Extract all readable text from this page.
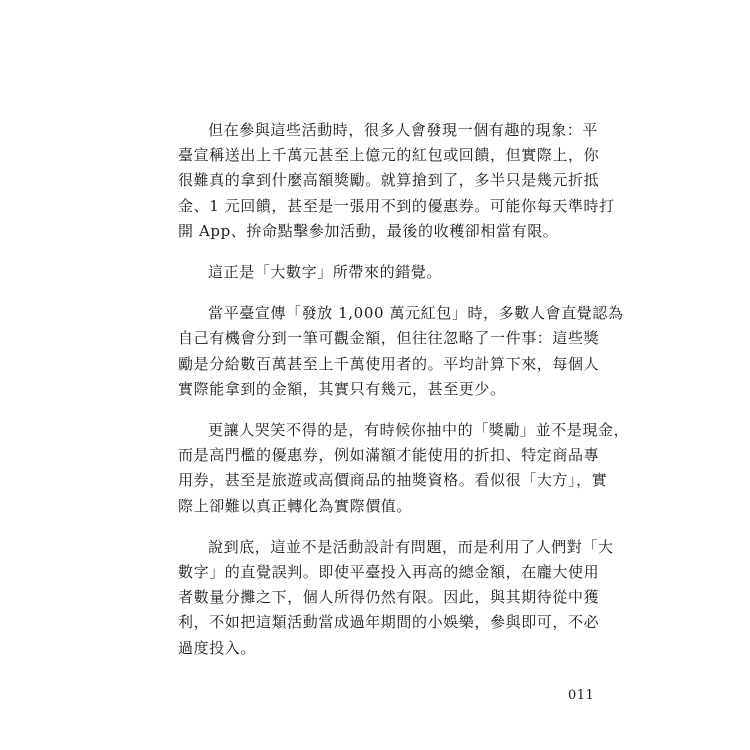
但在參與這些活動時，很多人會發現一個有趣的現象：平
臺宣稱送出上千萬元甚至上億元的紅包或回饋，但實際上，你
很難真的拿到什麼高額獎勵。就算搶到了，多半只是幾元折抵
金、1 元回饋，甚至是一張用不到的優惠券。可能你每天準時打
開 App、拚命點擊參加活動，最後的收穫卻相當有限。

這正是「大數字」所帶來的錯覺。

當平臺宣傳「發放 1,000 萬元紅包」時，多數人會直覺認為
自己有機會分到一筆可觀金額，但往往忽略了一件事：這些獎
勵是分給數百萬甚至上千萬使用者的。平均計算下來，每個人
實際能拿到的金額，其實只有幾元，甚至更少。

更讓人哭笑不得的是，有時候你抽中的「獎勵」並不是現金，
而是高門檻的優惠券，例如滿額才能使用的折扣、特定商品專
用券，甚至是旅遊或高價商品的抽獎資格。看似很「大方」，實
際上卻難以真正轉化為實際價值。

說到底，這並不是活動設計有問題，而是利用了人們對「大
數字」的直覺誤判。即使平臺投入再高的總金額，在龐大使用
者數量分攤之下，個人所得仍然有限。因此，與其期待從中獲
利，不如把這類活動當成過年期間的小娛樂，參與即可，不必
過度投入。

011
